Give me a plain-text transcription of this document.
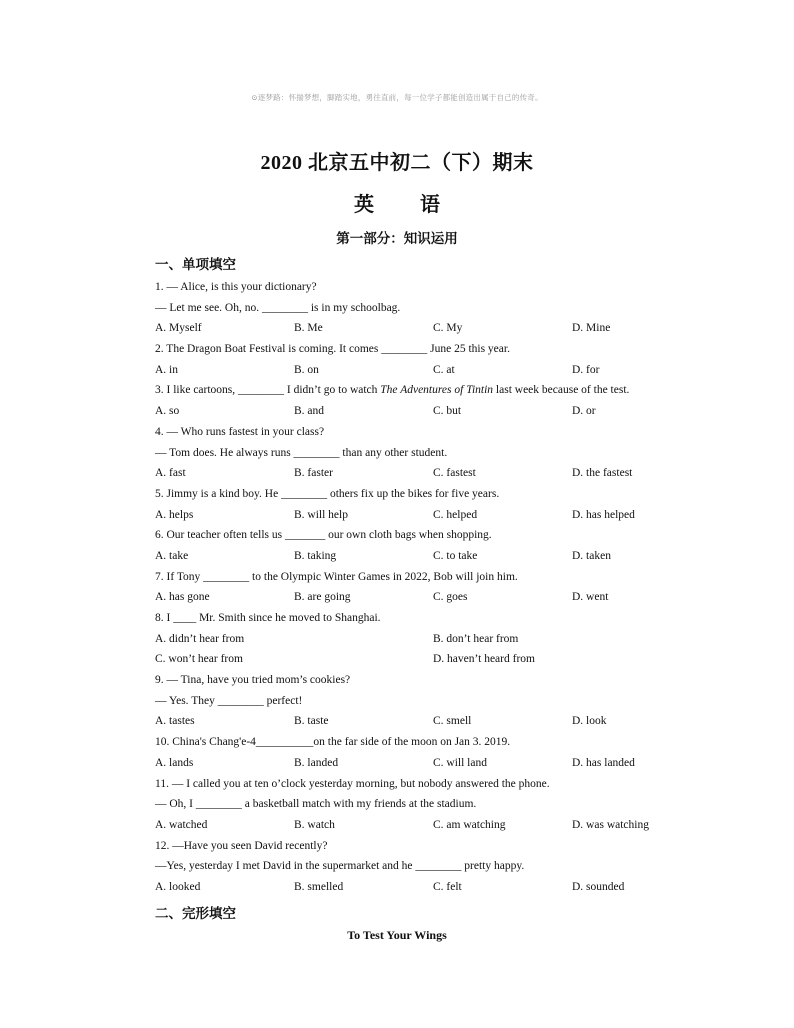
⊙逐梦路：怀揣梦想，脚踏实地，勇往直前，每一位学子都能创造出属于自己的传奇。
2020 北京五中初二（下）期末
英 语
第一部分：知识运用
一、单项填空
1. — Alice, is this your dictionary?
— Let me see. Oh, no. ________ is in my schoolbag.
A. Myself	B. Me	C. My	D. Mine
2. The Dragon Boat Festival is coming. It comes ________ June 25 this year.
A. in	B. on	C. at	D. for
3. I like cartoons, ________ I didn’t go to watch The Adventures of Tintin last week because of the test.
A. so	B. and	C. but	D. or
4. — Who runs fastest in your class?
— Tom does. He always runs ________ than any other student.
A. fast	B. faster	C. fastest	D. the fastest
5. Jimmy is a kind boy. He ________ others fix up the bikes for five years.
A. helps	B. will help	C. helped	D. has helped
6. Our teacher often tells us _______ our own cloth bags when shopping.
A. take	B. taking	C. to take	D. taken
7. If Tony ________ to the Olympic Winter Games in 2022, Bob will join him.
A. has gone	B. are going	C. goes	D. went
8. I ____ Mr. Smith since he moved to Shanghai.
A. didn’t hear from	B. don’t hear from
C. won’t hear from	D. haven’t heard from
9. — Tina, have you tried mom’s cookies?
— Yes. They ________ perfect!
A. tastes	B. taste	C. smell	D. look
10. China's Chang'e-4__________on the far side of the moon on Jan 3. 2019.
A. lands	B. landed	C. will land	D. has landed
11. — I called you at ten o’clock yesterday morning, but nobody answered the phone.
— Oh, I ________ a basketball match with my friends at the stadium.
A. watched	B. watch	C. am watching	D. was watching
12. —Have you seen David recently?
—Yes, yesterday I met David in the supermarket and he ________ pretty happy.
A. looked	B. smelled	C. felt	D. sounded
二、完形填空
To Test Your Wings
